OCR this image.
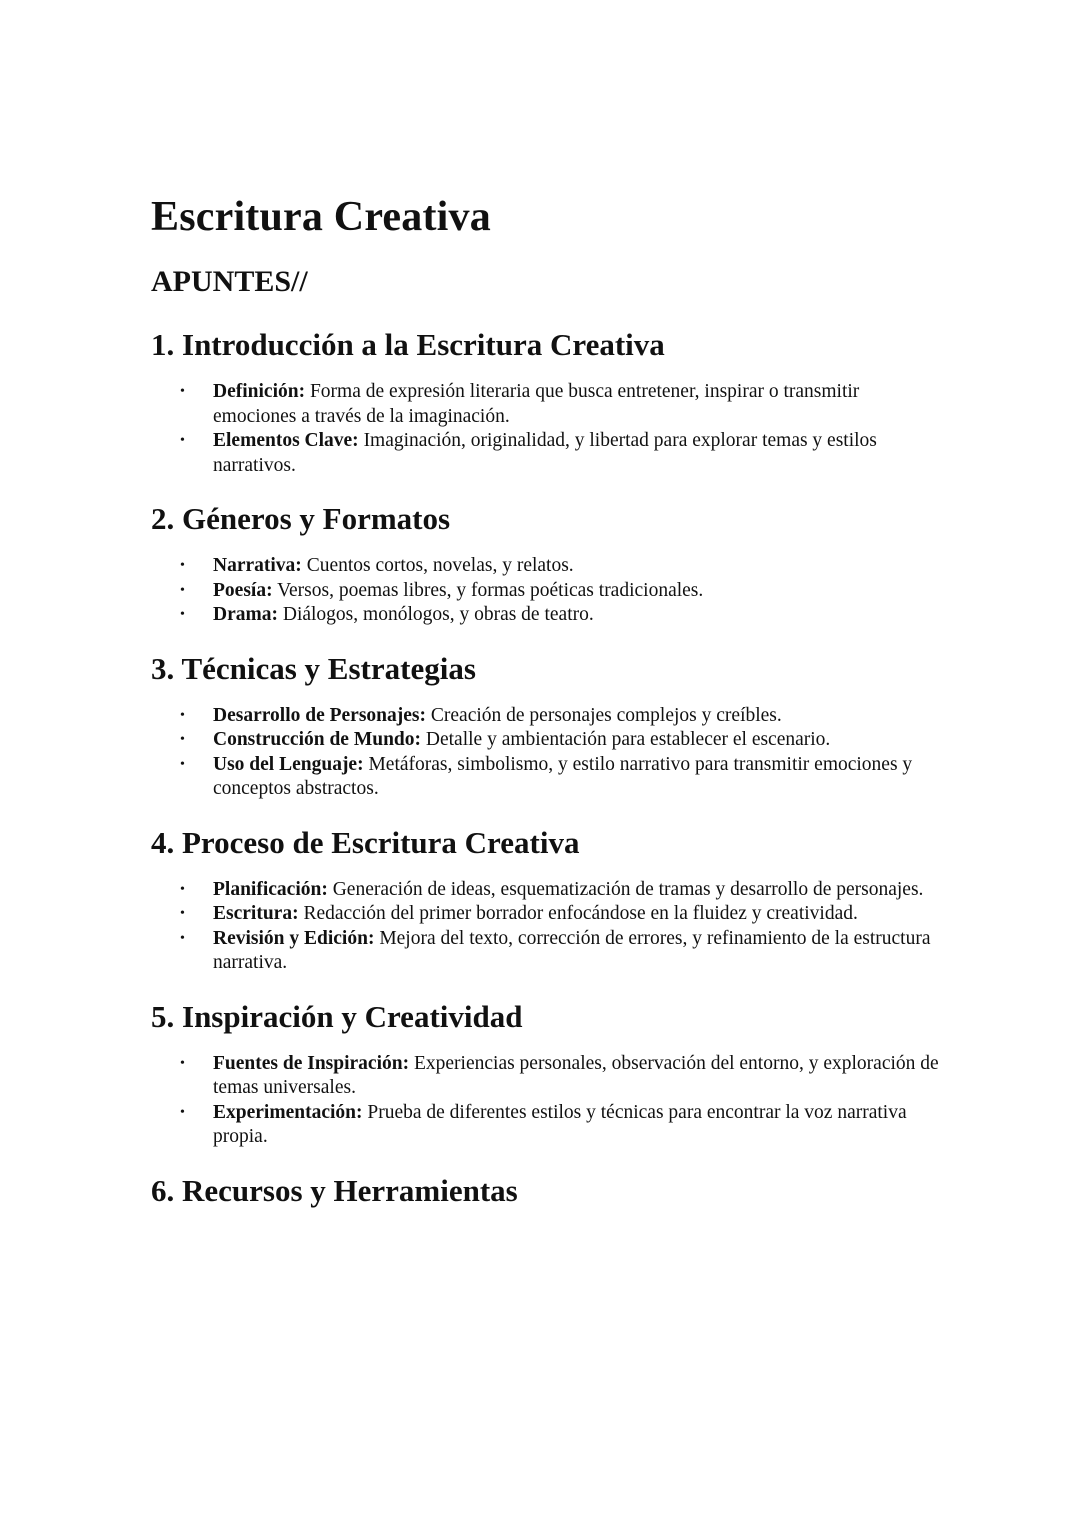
Escritura Creativa
APUNTES//
1. Introducción a la Escritura Creativa
• Definición: Forma de expresión literaria que busca entretener, inspirar o transmitir emociones a través de la imaginación.
• Elementos Clave: Imaginación, originalidad, y libertad para explorar temas y estilos narrativos.
2. Géneros y Formatos
• Narrativa: Cuentos cortos, novelas, y relatos.
• Poesía: Versos, poemas libres, y formas poéticas tradicionales.
• Drama: Diálogos, monólogos, y obras de teatro.
3. Técnicas y Estrategias
• Desarrollo de Personajes: Creación de personajes complejos y creíbles.
• Construcción de Mundo: Detalle y ambientación para establecer el escenario.
• Uso del Lenguaje: Metáforas, simbolismo, y estilo narrativo para transmitir emociones y conceptos abstractos.
4. Proceso de Escritura Creativa
• Planificación: Generación de ideas, esquematización de tramas y desarrollo de personajes.
• Escritura: Redacción del primer borrador enfocándose en la fluidez y creatividad.
• Revisión y Edición: Mejora del texto, corrección de errores, y refinamiento de la estructura narrativa.
5. Inspiración y Creatividad
• Fuentes de Inspiración: Experiencias personales, observación del entorno, y exploración de temas universales.
• Experimentación: Prueba de diferentes estilos y técnicas para encontrar la voz narrativa propia.
6. Recursos y Herramientas
